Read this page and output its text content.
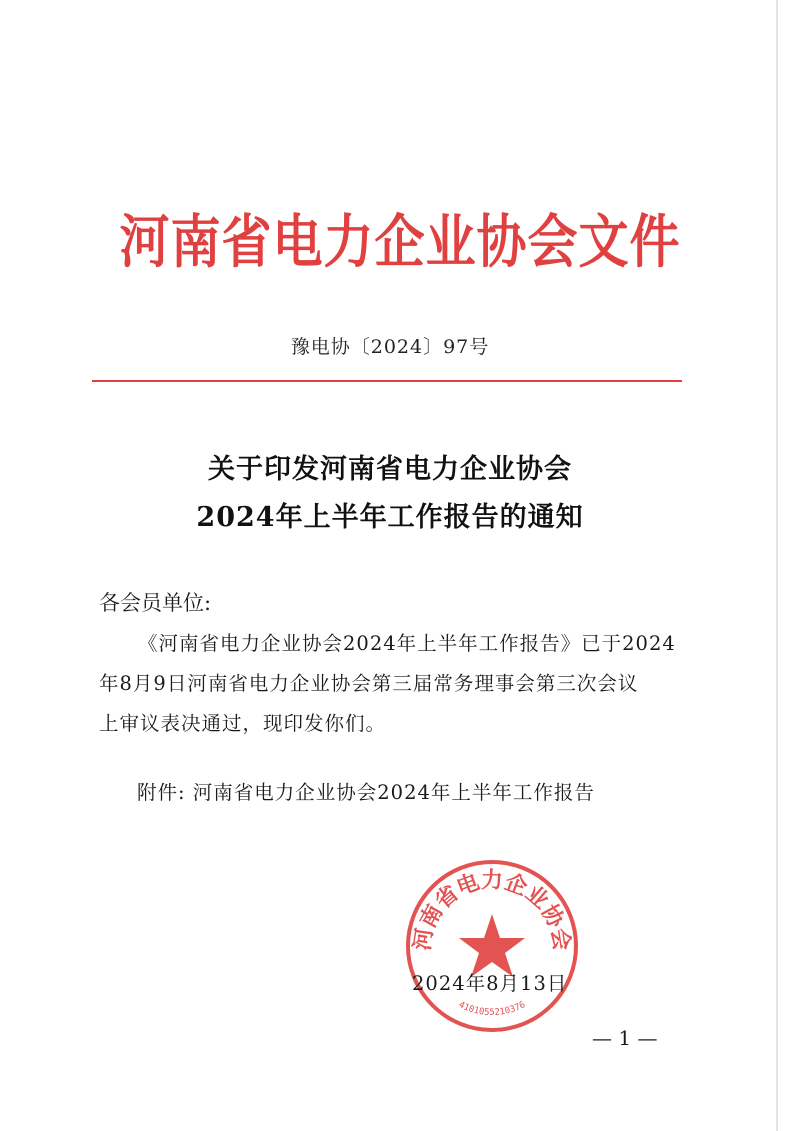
河南省电力企业协会文件
豫电协〔2024〕97号
关于印发河南省电力企业协会
2024年上半年工作报告的通知
各会员单位:
《河南省电力企业协会2024年上半年工作报告》已于2024
年8月9日河南省电力企业协会第三届常务理事会第三次会议
上审议表决通过，现印发你们。
附件: 河南省电力企业协会2024年上半年工作报告
河南省电力企业协会
4101055210376
2024年8月13日
— 1 —
